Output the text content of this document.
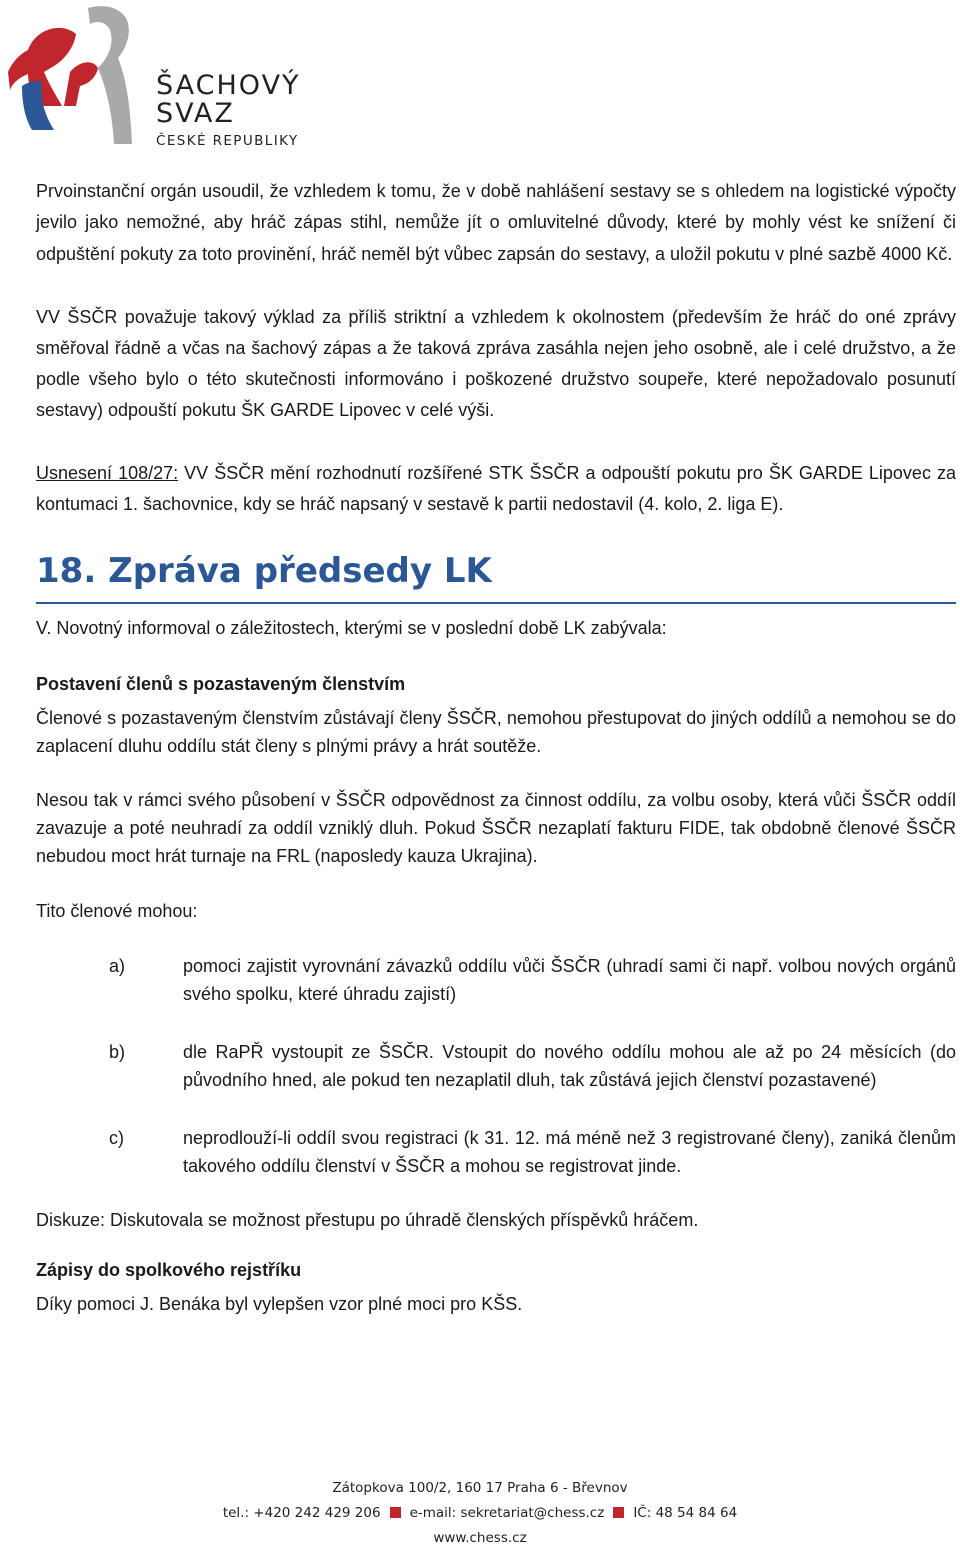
ŠACHOVÝ
SVAZ
ČESKÉ REPUBLIKY

Prvoinstanční orgán usoudil, že vzhledem k tomu, že v době nahlášení sestavy se s ohledem na logistické výpočty jevilo jako nemožné, aby hráč zápas stihl, nemůže jít o omluvitelné důvody, které by mohly vést ke snížení či odpuštění pokuty za toto provinění, hráč neměl být vůbec zapsán do sestavy, a uložil pokutu v plné sazbě 4000 Kč.

VV ŠSČR považuje takový výklad za příliš striktní a vzhledem k okolnostem (především že hráč do oné zprávy směřoval řádně a včas na šachový zápas a že taková zpráva zasáhla nejen jeho osobně, ale i celé družstvo, a že podle všeho bylo o této skutečnosti informováno i poškozené družstvo soupeře, které nepožadovalo posunutí sestavy) odpouští pokutu ŠK GARDE Lipovec v celé výši.

Usnesení 108/27: VV ŠSČR mění rozhodnutí rozšířené STK ŠSČR a odpouští pokutu pro ŠK GARDE Lipovec za kontumaci 1. šachovnice, kdy se hráč napsaný v sestavě k partii nedostavil (4. kolo, 2. liga E).

18. Zpráva předsedy LK

V. Novotný informoval o záležitostech, kterými se v poslední době LK zabývala:

Postavení členů s pozastaveným členstvím

Členové s pozastaveným členstvím zůstávají členy ŠSČR, nemohou přestupovat do jiných oddílů a nemohou se do zaplacení dluhu oddílu stát členy s plnými právy a hrát soutěže.

Nesou tak v rámci svého působení v ŠSČR odpovědnost za činnost oddílu, za volbu osoby, která vůči ŠSČR oddíl zavazuje a poté neuhradí za oddíl vzniklý dluh. Pokud ŠSČR nezaplatí fakturu FIDE, tak obdobně členové ŠSČR nebudou moct hrát turnaje na FRL (naposledy kauza Ukrajina).

Tito členové mohou:

a)	pomoci zajistit vyrovnání závazků oddílu vůči ŠSČR (uhradí sami či např. volbou nových orgánů svého spolku, které úhradu zajistí)
b)	dle RaPŘ vystoupit ze ŠSČR. Vstoupit do nového oddílu mohou ale až po 24 měsících (do původního hned, ale pokud ten nezaplatil dluh, tak zůstává jejich členství pozastavené)
c)	neprodlouží-li oddíl svou registraci (k 31. 12. má méně než 3 registrované členy), zaniká členům takového oddílu členství v ŠSČR a mohou se registrovat jinde.

Diskuze: Diskutovala se možnost přestupu po úhradě členských příspěvků hráčem.

Zápisy do spolkového rejstříku

Díky pomoci J. Benáka byl vylepšen vzor plné moci pro KŠS.

Zátopkova 100/2, 160 17 Praha 6 - Břevnov
tel.: +420 242 429 206 e-mail: sekretariat@chess.cz IČ: 48 54 84 64
www.chess.cz
